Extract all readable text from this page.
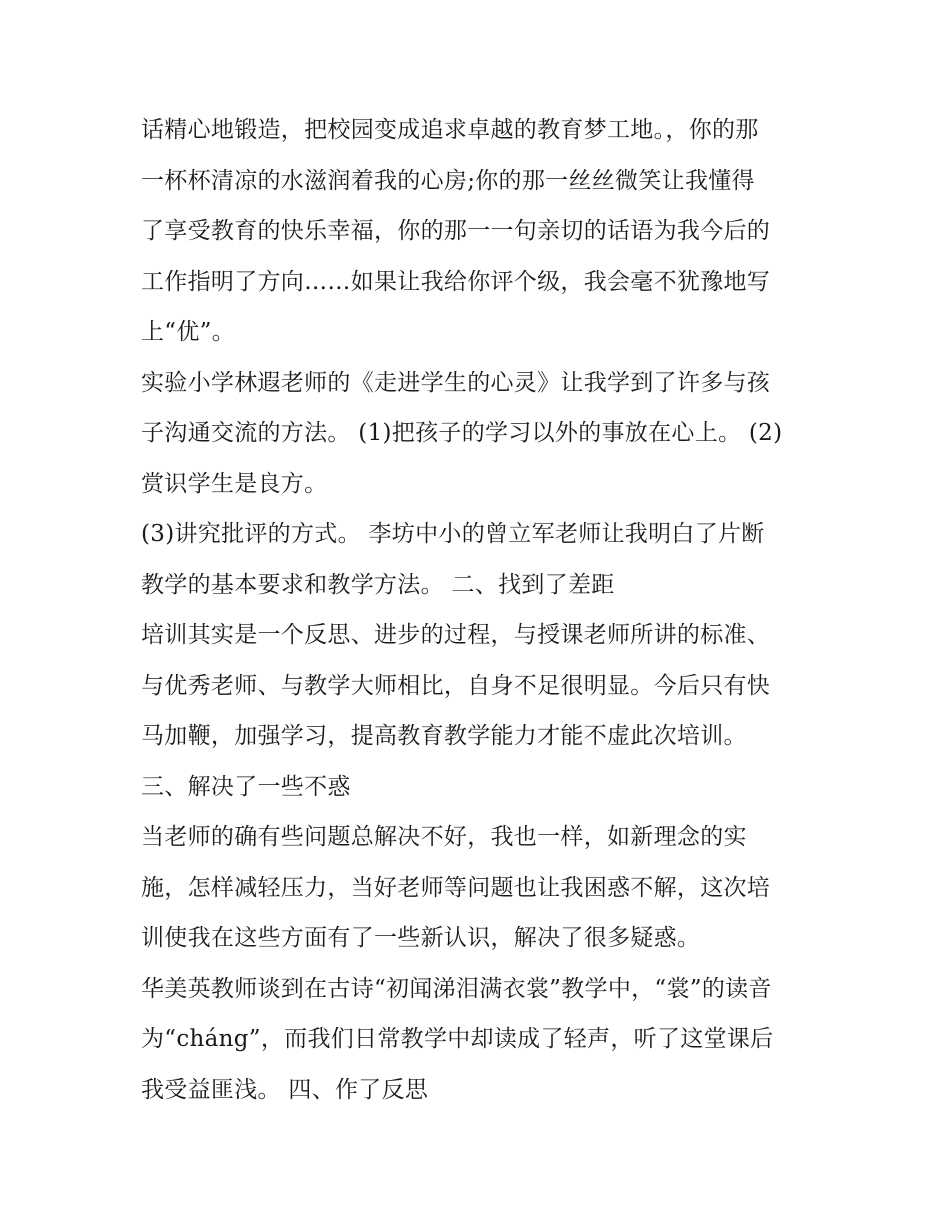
话精心地锻造，把校园变成追求卓越的教育梦工地。，你的那
一杯杯清凉的水滋润着我的心房;你的那一丝丝微笑让我懂得
了享受教育的快乐幸福，你的那一一句亲切的话语为我今后的
工作指明了方向……如果让我给你评个级，我会毫不犹豫地写
上“优”。
实验小学林遐老师的《走进学生的心灵》让我学到了许多与孩
子沟通交流的方法。 (1)把孩子的学习以外的事放在心上。 (2)
赏识学生是良方。
(3)讲究批评的方式。 李坊中小的曾立军老师让我明白了片断
教学的基本要求和教学方法。 二、找到了差距
培训其实是一个反思、进步的过程，与授课老师所讲的标准、
与优秀老师、与教学大师相比，自身不足很明显。今后只有快
马加鞭，加强学习，提高教育教学能力才能不虚此次培训。
三、解决了一些不惑
当老师的确有些问题总解决不好，我也一样，如新理念的实
施，怎样减轻压力，当好老师等问题也让我困惑不解，这次培
训使我在这些方面有了一些新认识，解决了很多疑惑。
华美英教师谈到在古诗“初闻涕泪满衣裳”教学中，“裳”的读音
为“cháng”，而我们日常教学中却读成了轻声，听了这堂课后
我受益匪浅。 四、作了反思
